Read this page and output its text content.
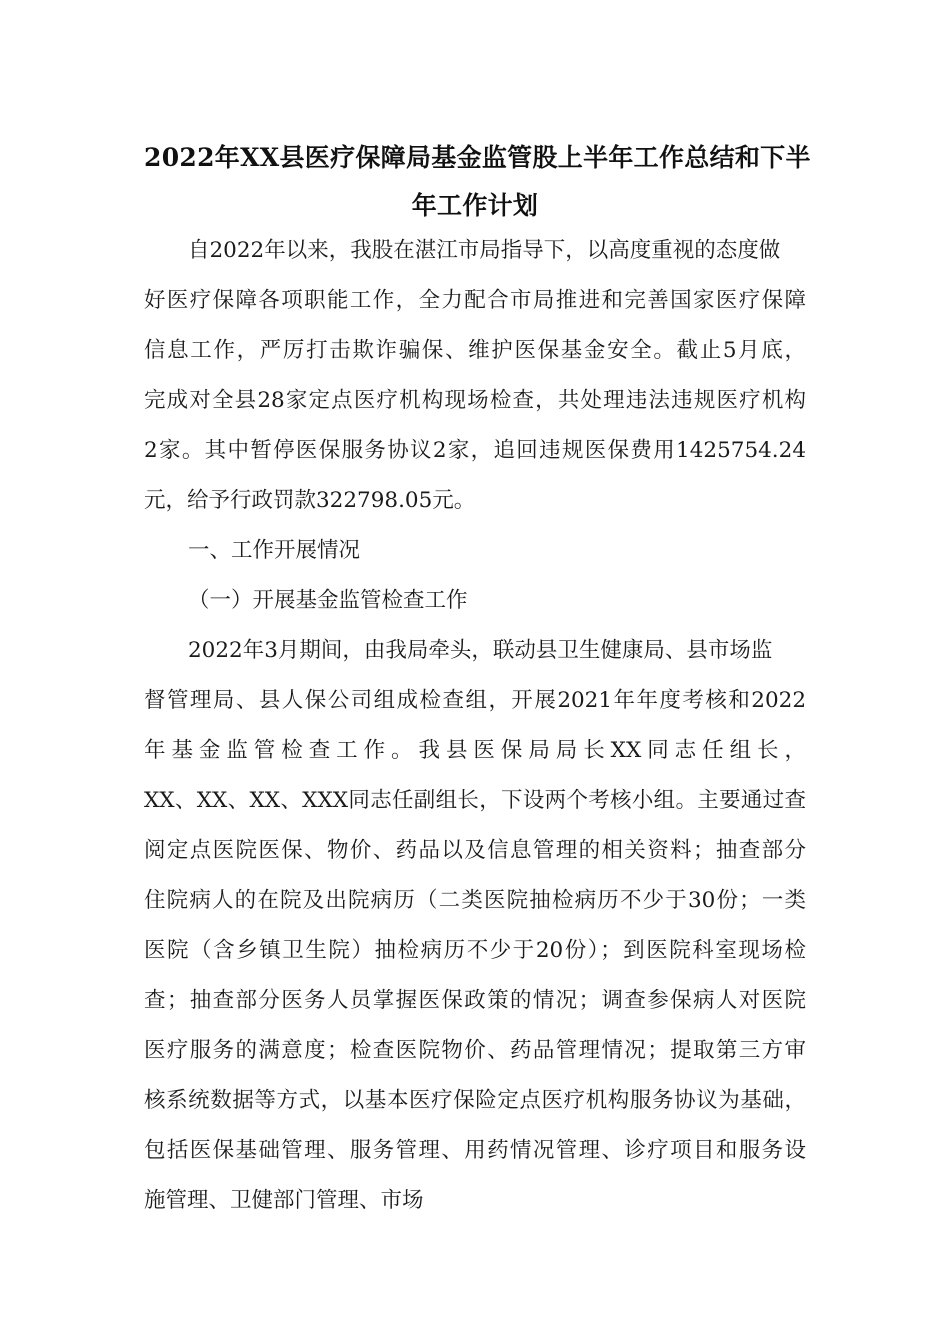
2022年XX县医疗保障局基金监管股上半年工作总结和下半
年工作计划
自2022年以来，我股在湛江市局指导下，以高度重视的态度做
好医疗保障各项职能工作，全力配合市局推进和完善国家医疗保障
信息工作，严厉打击欺诈骗保、维护医保基金安全。截止5月底，
完成对全县28家定点医疗机构现场检查，共处理违法违规医疗机构
2家。其中暂停医保服务协议2家，追回违规医保费用1425754.24
元，给予行政罚款322798.05元。
一、工作开展情况
（一）开展基金监管检查工作
2022年3月期间，由我局牵头，联动县卫生健康局、县市场监
督管理局、县人保公司组成检查组，开展2021年年度考核和2022
年基金监管检查工作。我县医保局局长XX同志任组长，
XX、XX、XX、XXX同志任副组长，下设两个考核小组。主要通过查
阅定点医院医保、物价、药品以及信息管理的相关资料；抽查部分
住院病人的在院及出院病历（二类医院抽检病历不少于30份；一类
医院（含乡镇卫生院）抽检病历不少于20份）；到医院科室现场检
查；抽查部分医务人员掌握医保政策的情况；调查参保病人对医院
医疗服务的满意度；检查医院物价、药品管理情况；提取第三方审
核系统数据等方式，以基本医疗保险定点医疗机构服务协议为基础，
包括医保基础管理、服务管理、用药情况管理、诊疗项目和服务设
施管理、卫健部门管理、市场
